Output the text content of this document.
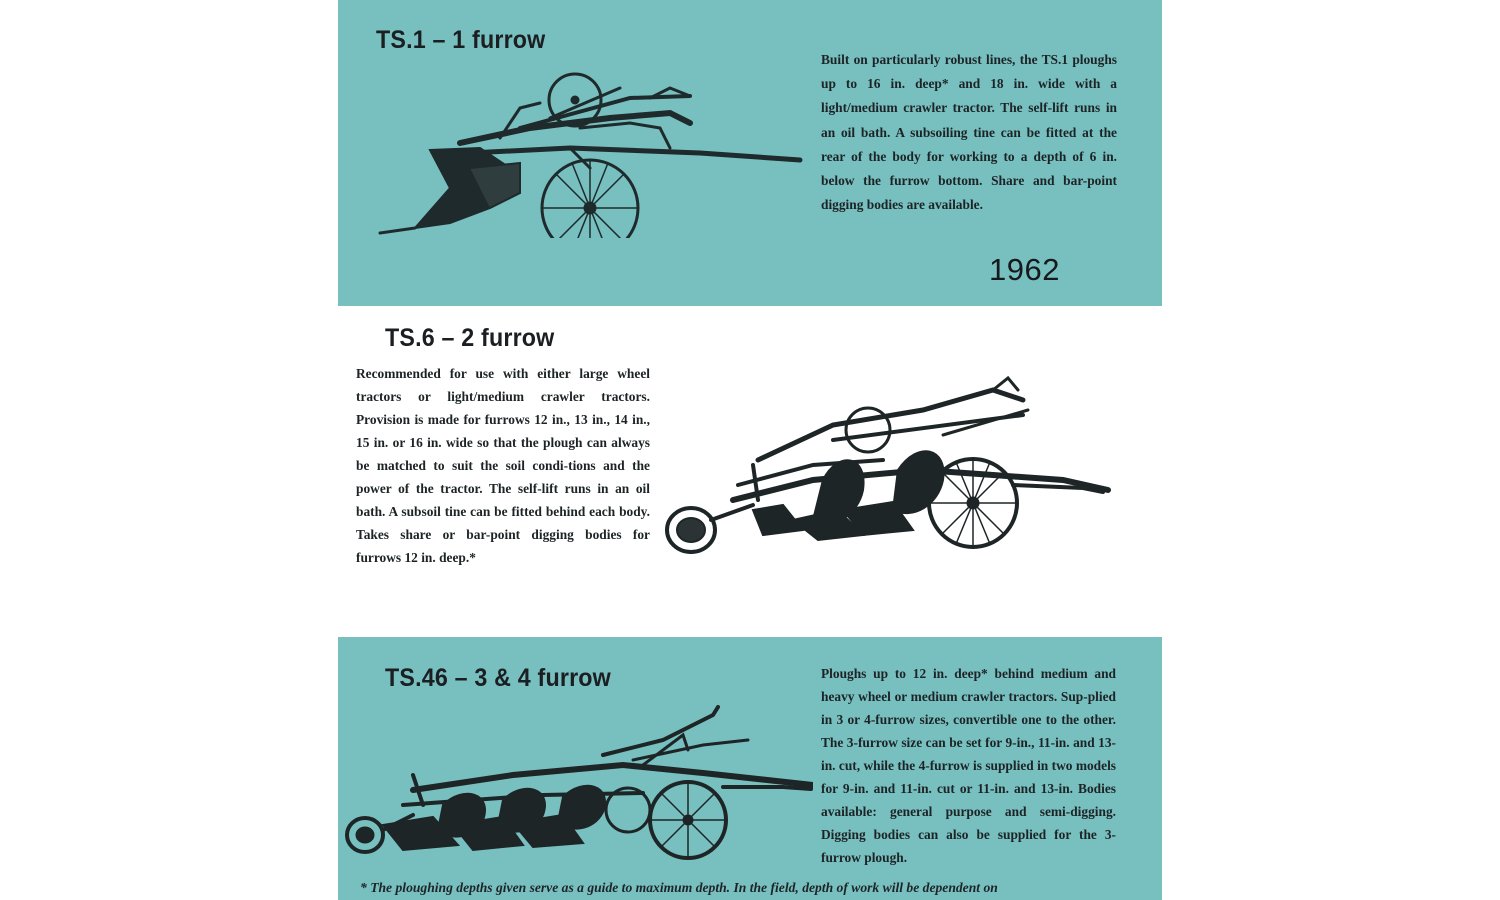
TS.1 – 1 furrow

Built on particularly robust lines, the TS.1 ploughs up to 16 in. deep* and 18 in. wide with a light/medium crawler tractor. The self-lift runs in an oil bath. A subsoiling tine can be fitted at the rear of the body for working to a depth of 6 in. below the furrow bottom. Share and bar-point digging bodies are available.

1962

TS.6 – 2 furrow

Recommended for use with either large wheel tractors or light/medium crawler tractors. Provision is made for furrows 12 in., 13 in., 14 in., 15 in. or 16 in. wide so that the plough can always be matched to suit the soil condi-tions and the power of the tractor. The self-lift runs in an oil bath. A subsoil tine can be fitted behind each body. Takes share or bar-point digging bodies for furrows 12 in. deep.*

TS.46 – 3 & 4 furrow	Ploughs up to 12 in. deep* behind medium and heavy wheel or medium crawler tractors. Sup-plied in 3 or 4-furrow sizes, convertible one to the other. The 3-furrow size can be set for 9-in., 11-in. and 13-in. cut, while the 4-furrow is supplied in two models for 9-in. and 11-in. cut or 11-in. and 13-in. Bodies available: general purpose and semi-digging. Digging bodies can also be supplied for the 3-furrow plough.

* The ploughing depths given serve as a guide to maximum depth. In the field, depth of work will be dependent on
